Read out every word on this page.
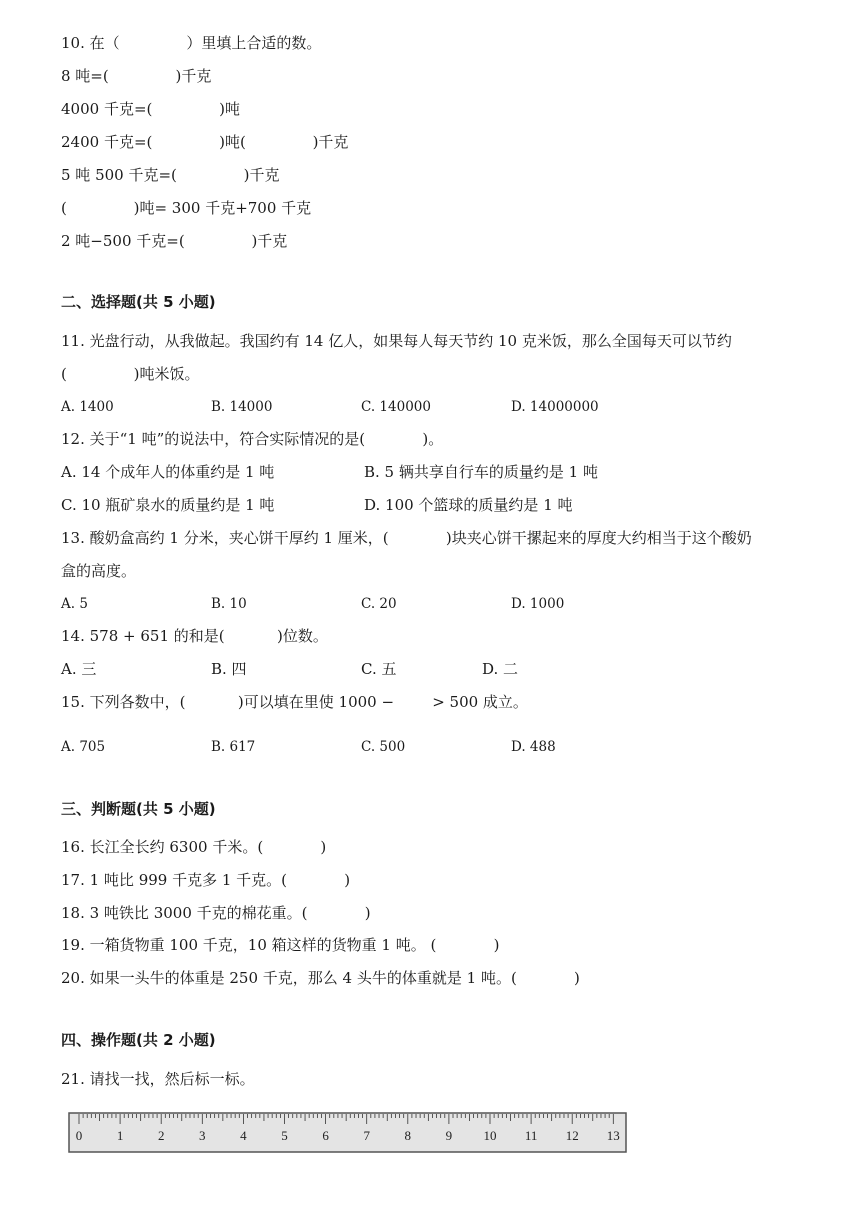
10. 在（              ）里填上合适的数。
8 吨=(              )千克
4000 千克=(              )吨
2400 千克=(              )吨(              )千克
5 吨 500 千克=(              )千克
(              )吨= 300 千克+700 千克
2 吨−500 千克=(              )千克
二、选择题(共 5 小题)
11. 光盘行动，从我做起。我国约有 14 亿人，如果每人每天节约 10 克米饭，那么全国每天可以节约
(              )吨米饭。
A. 1400	B. 14000	C. 140000	D. 14000000
12. 关于“1 吨”的说法中，符合实际情况的是(            )。
A. 14 个成年人的体重约是 1 吨	B. 5 辆共享自行车的质量约是 1 吨
C. 10 瓶矿泉水的质量约是 1 吨	D. 100 个篮球的质量约是 1 吨
13. 酸奶盒高约 1 分米，夹心饼干厚约 1 厘米，(            )块夹心饼干摞起来的厚度大约相当于这个酸奶
盒的高度。
A. 5	B. 10	C. 20	D. 1000
14. 578 + 651 的和是(           )位数。
A. 三	B. 四	C. 五	D. 二
15. 下列各数中，(           )可以填在里使 1000 −        > 500 成立。
A. 705	B. 617	C. 500	D. 488
三、判断题(共 5 小题)
16. 长江全长约 6300 千米。(            )
17. 1 吨比 999 千克多 1 千克。(            )
18. 3 吨铁比 3000 千克的棉花重。(            )
19. 一箱货物重 100 千克，10 箱这样的货物重 1 吨。 (            )
20. 如果一头牛的体重是 250 千克，那么 4 头牛的体重就是 1 吨。(            )
四、操作题(共 2 小题)
21. 请找一找，然后标一标。
0	1	2	3	4	5	6	7	8	9 10 11 12 13
